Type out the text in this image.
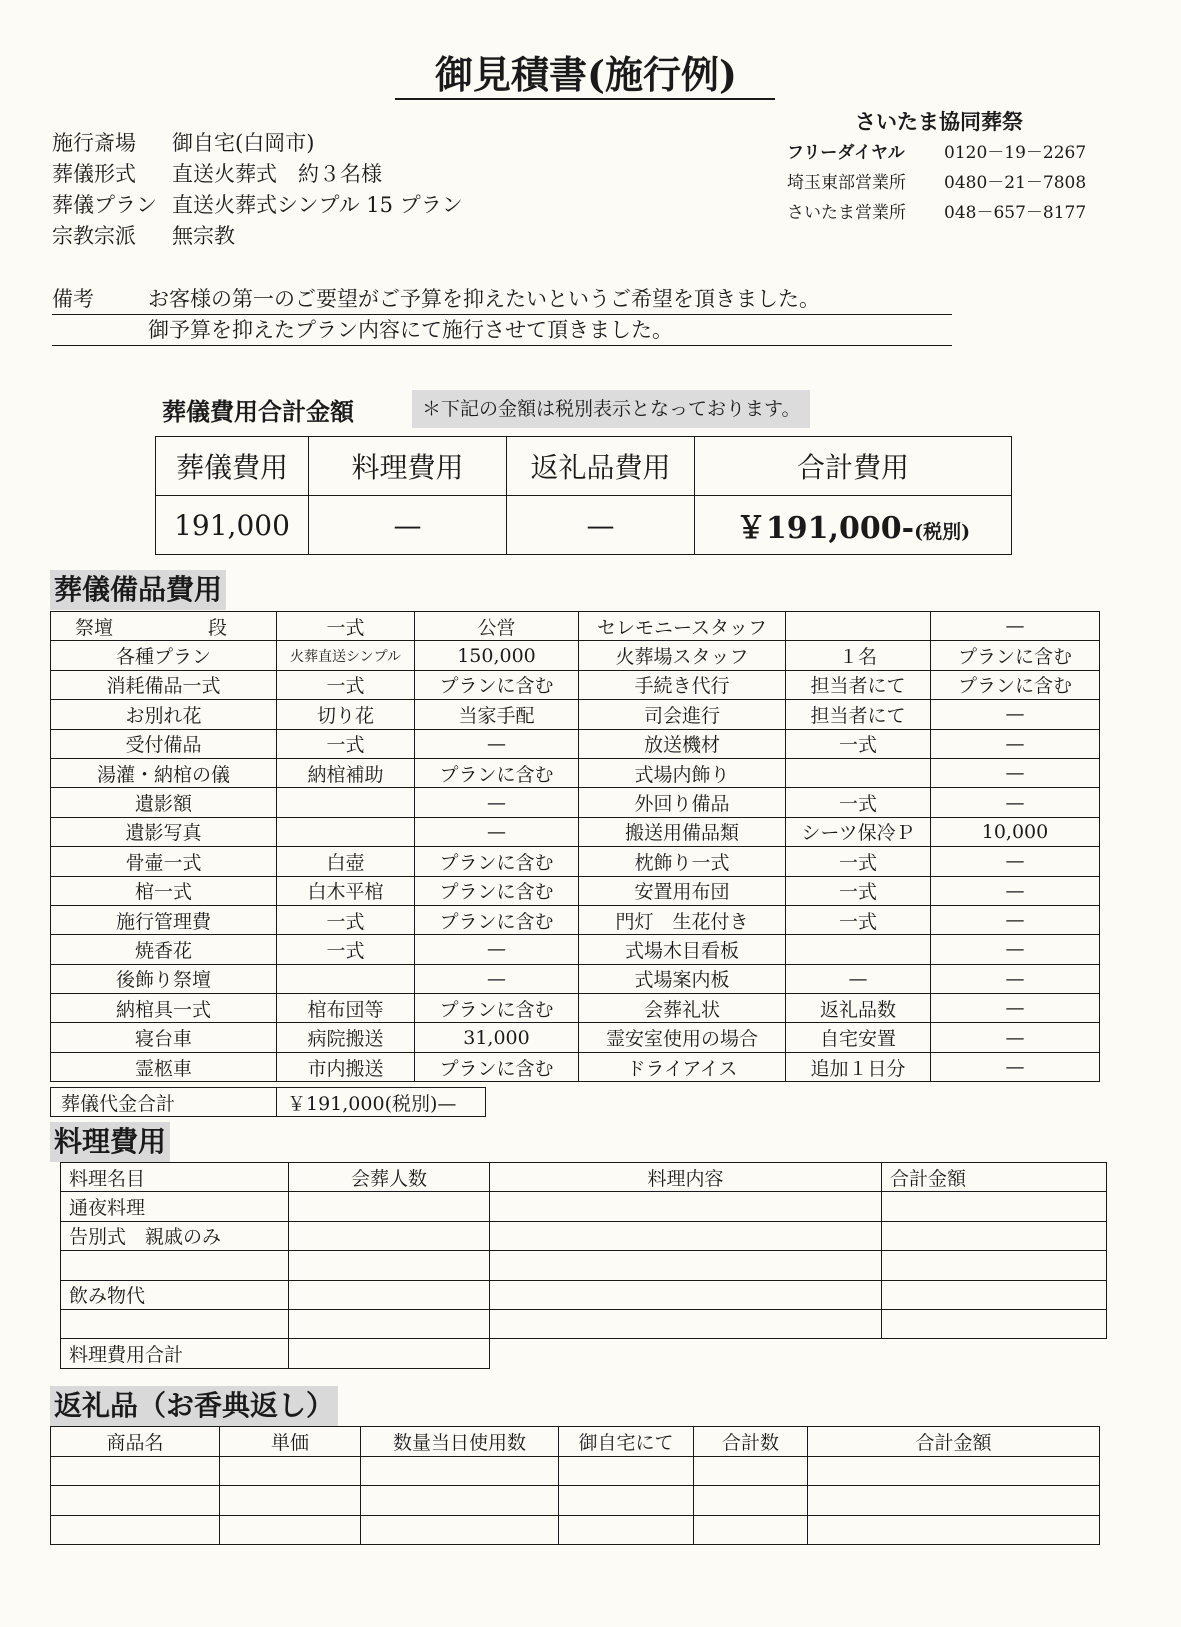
御見積書(施行例)
さいたま協同葬祭
フリーダイヤル	0120－19－2267
埼玉東部営業所	0480－21－7808
さいたま営業所	048－657－8177
施行斎場	御自宅(白岡市)
葬儀形式	直送火葬式　約３名様
葬儀プラン 直送火葬式シンプル 15 プラン
宗教宗派	無宗教
備考	お客様の第一のご要望がご予算を抑えたいというご希望を頂きました。
御予算を抑えたプラン内容にて施行させて頂きました。
葬儀費用合計金額	＊下記の金額は税別表示となっております。
葬儀費用	料理費用	返礼品費用	合計費用
191,000	—	—	￥191,000-(税別)
葬儀備品費用
祭壇　　　　　段	一式	公営	セレモニースタッフ		—
各種プラン	火葬直送シンプル	150,000	火葬場スタッフ	１名	プランに含む
消耗備品一式	一式	プランに含む	手続き代行	担当者にて	プランに含む
お別れ花	切り花	当家手配	司会進行	担当者にて	—
受付備品	一式	—	放送機材	一式	—
湯灌・納棺の儀	納棺補助	プランに含む	式場内飾り		—
遺影額		—	外回り備品	一式	—
遺影写真		—	搬送用備品類	シーツ保冷Ｐ	10,000
骨壷一式	白壺	プランに含む	枕飾り一式	一式	—
棺一式	白木平棺	プランに含む	安置用布団	一式	—
施行管理費	一式	プランに含む	門灯　生花付き	一式	—
焼香花	一式	—	式場木目看板		—
後飾り祭壇		—	式場案内板	—	—
納棺具一式	棺布団等	プランに含む	会葬礼状	返礼品数	—
寝台車	病院搬送	31,000	霊安室使用の場合	自宅安置	—
霊柩車	市内搬送	プランに含む	ドライアイス	追加１日分	—
葬儀代金合計	￥191,000(税別)—
料理費用
料理名目	会葬人数	料理内容	合計金額
通夜料理			
告別式　親戚のみ			

飲み物代			

料理費用合計			
返礼品（お香典返し）
商品名	単価	数量当日使用数	御自宅にて	合計数	合計金額
